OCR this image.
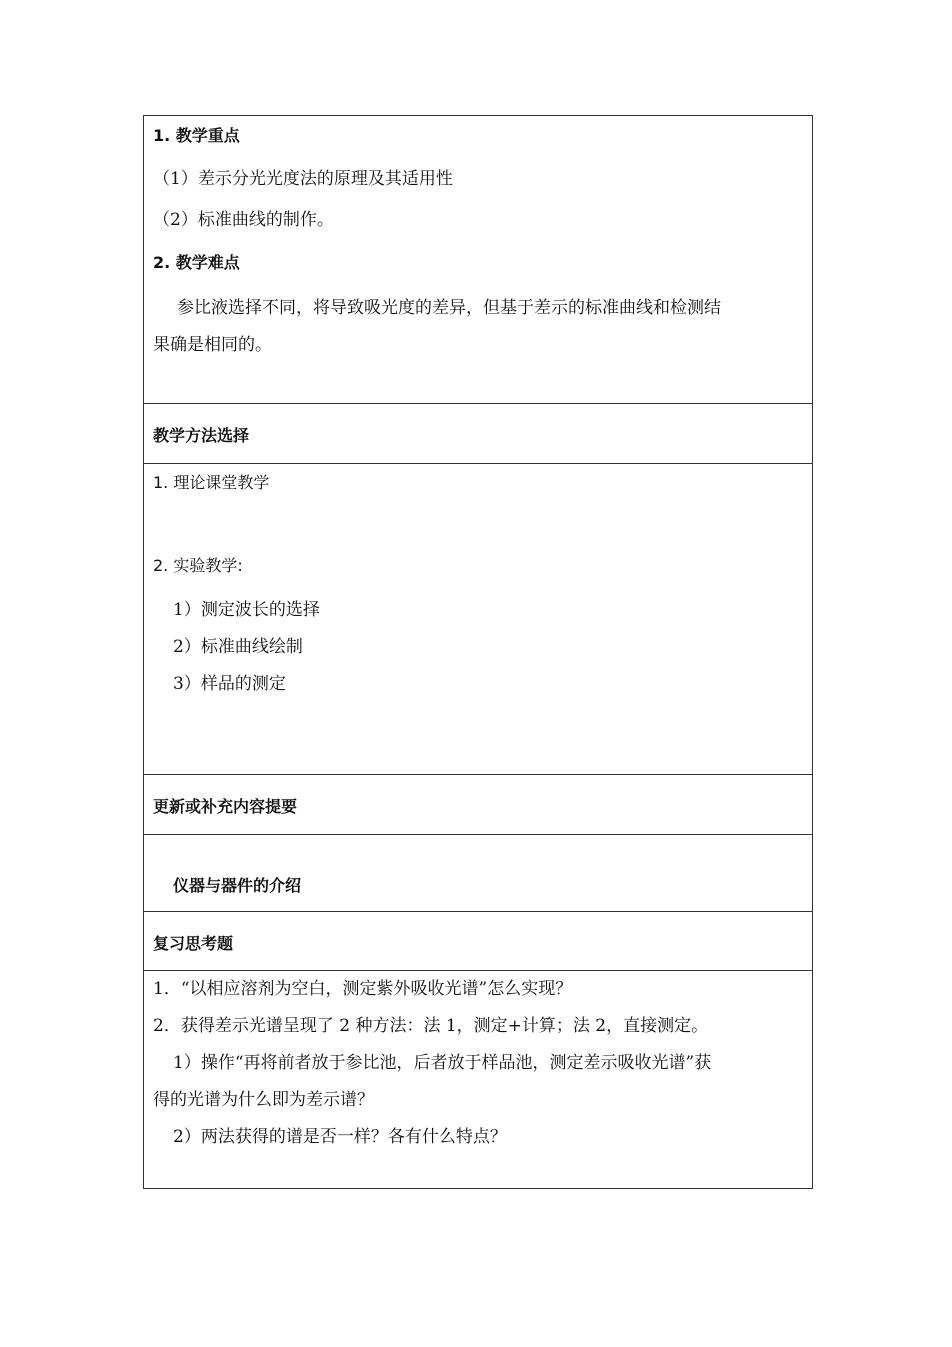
1. 教学重点
（1）差示分光光度法的原理及其适用性
（2）标准曲线的制作。
2. 教学难点
参比液选择不同，将导致吸光度的差异，但基于差示的标准曲线和检测结
果确是相同的。
教学方法选择
1. 理论课堂教学
2. 实验教学:
1）测定波长的选择
2）标准曲线绘制
3）样品的测定
更新或补充内容提要
仪器与器件的介绍
复习思考题
1．“以相应溶剂为空白，测定紫外吸收光谱”怎么实现？
2．获得差示光谱呈现了 2 种方法：法 1，测定+计算；法 2，直接测定。
1）操作“再将前者放于参比池，后者放于样品池，测定差示吸收光谱”获
得的光谱为什么即为差示谱？
2）两法获得的谱是否一样？各有什么特点？
